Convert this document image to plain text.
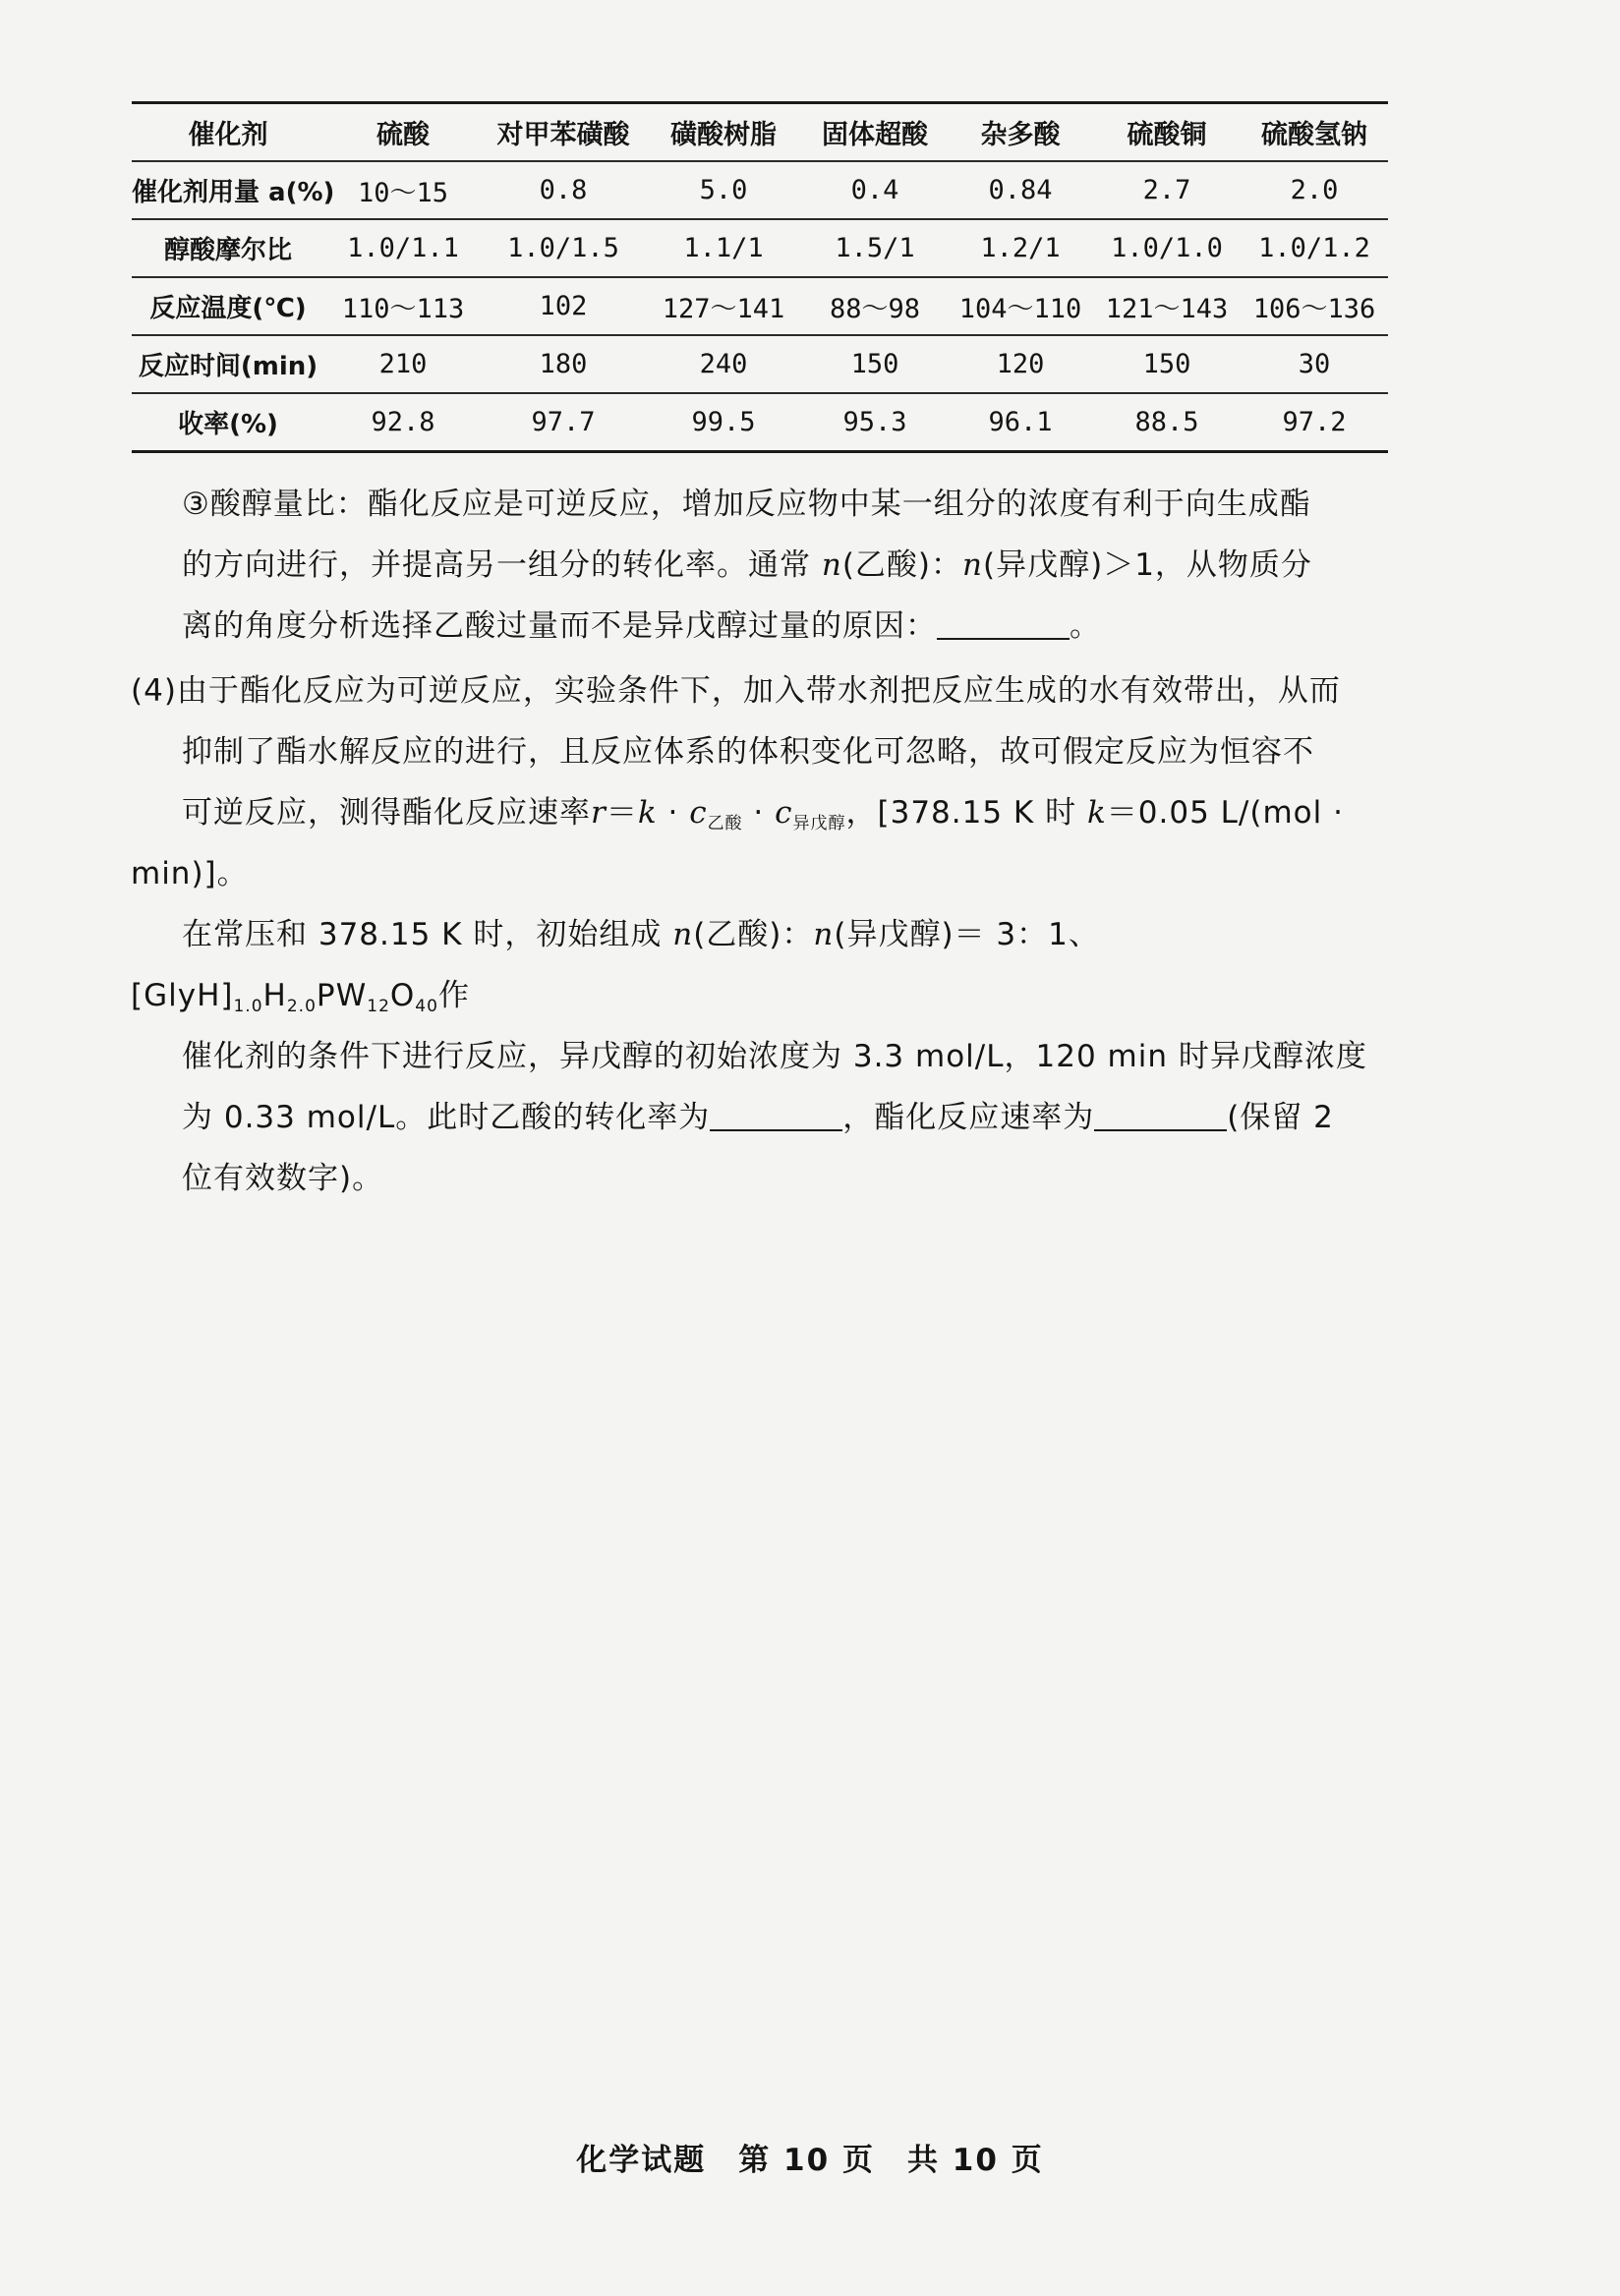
催化剂	硫酸	对甲苯磺酸	磺酸树脂	固体超酸	杂多酸	硫酸铜	硫酸氢钠
催化剂用量 a(%)	10～15	0.8	5.0	0.4	0.84	2.7	2.0
醇酸摩尔比	1.0/1.1	1.0/1.5	1.1/1	1.5/1	1.2/1	1.0/1.0	1.0/1.2
反应温度(℃)	110～113	102	127～141	88～98	104～110	121～143	106～136
反应时间(min)	210	180	240	150	120	150	30
收率(%)	92.8	97.7	99.5	95.3	96.1	88.5	97.2
③酸醇量比：酯化反应是可逆反应，增加反应物中某一组分的浓度有利于向生成酯
的方向进行，并提高另一组分的转化率。通常 n(乙酸)：n(异戊醇)＞1，从物质分
离的角度分析选择乙酸过量而不是异戊醇过量的原因：	。
(4)由于酯化反应为可逆反应，实验条件下，加入带水剂把反应生成的水有效带出，从而
抑制了酯水解反应的进行，且反应体系的体积变化可忽略，故可假定反应为恒容不
可逆反应，测得酯化反应速率$r=k \cdot c_{乙酸} \cdot c_{异戊醇}$，[378.15 K 时 k＝0.05 L/(mol · min)]。
在常压和 378.15 K 时，初始组成 n(乙酸)：n(异戊醇)＝ 3：1、$[GlyH]_{1.0}H_{2.0}PW_{12}O_{40}$作
催化剂的条件下进行反应，异戊醇的初始浓度为 3.3 mol/L，120 min 时异戊醇浓度
为 0.33 mol/L。此时乙酸的转化率为	，酯化反应速率为	(保留 2
位有效数字)。
化学试题　第 10 页　共 10 页
